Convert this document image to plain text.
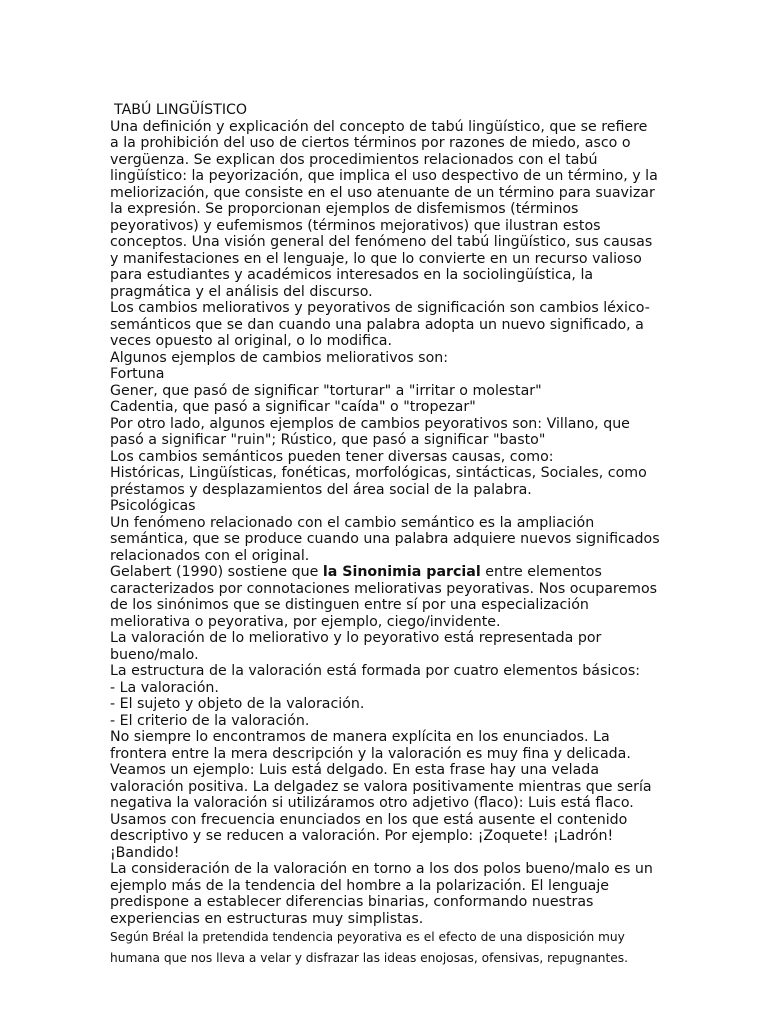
TABÚ LINGÜÍSTICO

Una definición y explicación del concepto de tabú lingüístico, que se refiere a la prohibición del uso de ciertos términos por razones de miedo, asco o vergüenza. Se explican dos procedimientos relacionados con el tabú lingüístico: la peyorización, que implica el uso despectivo de un término, y la meliorización, que consiste en el uso atenuante de un término para suavizar la expresión. Se proporcionan ejemplos de disfemismos (términos peyorativos) y eufemismos (términos mejorativos) que ilustran estos conceptos. Una visión general del fenómeno del tabú lingüístico, sus causas y manifestaciones en el lenguaje, lo que lo convierte en un recurso valioso para estudiantes y académicos interesados en la sociolingüística, la pragmática y el análisis del discurso.

Los cambios meliorativos y peyorativos de significación son cambios léxico-semánticos que se dan cuando una palabra adopta un nuevo significado, a veces opuesto al original, o lo modifica.

Algunos ejemplos de cambios meliorativos son:

Fortuna

Gener, que pasó de significar "torturar" a "irritar o molestar"

Cadentia, que pasó a significar "caída" o "tropezar"

Por otro lado, algunos ejemplos de cambios peyorativos son: Villano, que pasó a significar "ruin"; Rústico, que pasó a significar "basto"

Los cambios semánticos pueden tener diversas causas, como:

Históricas, Lingüísticas, fonéticas, morfológicas, sintácticas, Sociales, como préstamos y desplazamientos del área social de la palabra.

Psicológicas

Un fenómeno relacionado con el cambio semántico es la ampliación semántica, que se produce cuando una palabra adquiere nuevos significados relacionados con el original.

Gelabert (1990) sostiene que la Sinonimia parcial entre elementos caracterizados por connotaciones meliorativas peyorativas. Nos ocuparemos de los sinónimos que se distinguen entre sí por una especialización meliorativa o peyorativa, por ejemplo, ciego/invidente.

La valoración de lo meliorativo y lo peyorativo está representada por bueno/malo.

La estructura de la valoración está formada por cuatro elementos básicos:

- La valoración.

- El sujeto y objeto de la valoración.

- El criterio de la valoración.

No siempre lo encontramos de manera explícita en los enunciados. La frontera entre la mera descripción y la valoración es muy fina y delicada. Veamos un ejemplo: Luis está delgado. En esta frase hay una velada valoración positiva. La delgadez se valora positivamente mientras que sería negativa la valoración si utilizáramos otro adjetivo (flaco): Luis está flaco.

Usamos con frecuencia enunciados en los que está ausente el contenido descriptivo y se reducen a valoración. Por ejemplo: ¡Zoquete! ¡Ladrón! ¡Bandido!

La consideración de la valoración en torno a los dos polos bueno/malo es un ejemplo más de la tendencia del hombre a la polarización. El lenguaje predispone a establecer diferencias binarias, conformando nuestras experiencias en estructuras muy simplistas.

Según Bréal la pretendida tendencia peyorativa es el efecto de una disposición muy humana que nos lleva a velar y disfrazar las ideas enojosas, ofensivas, repugnantes.
